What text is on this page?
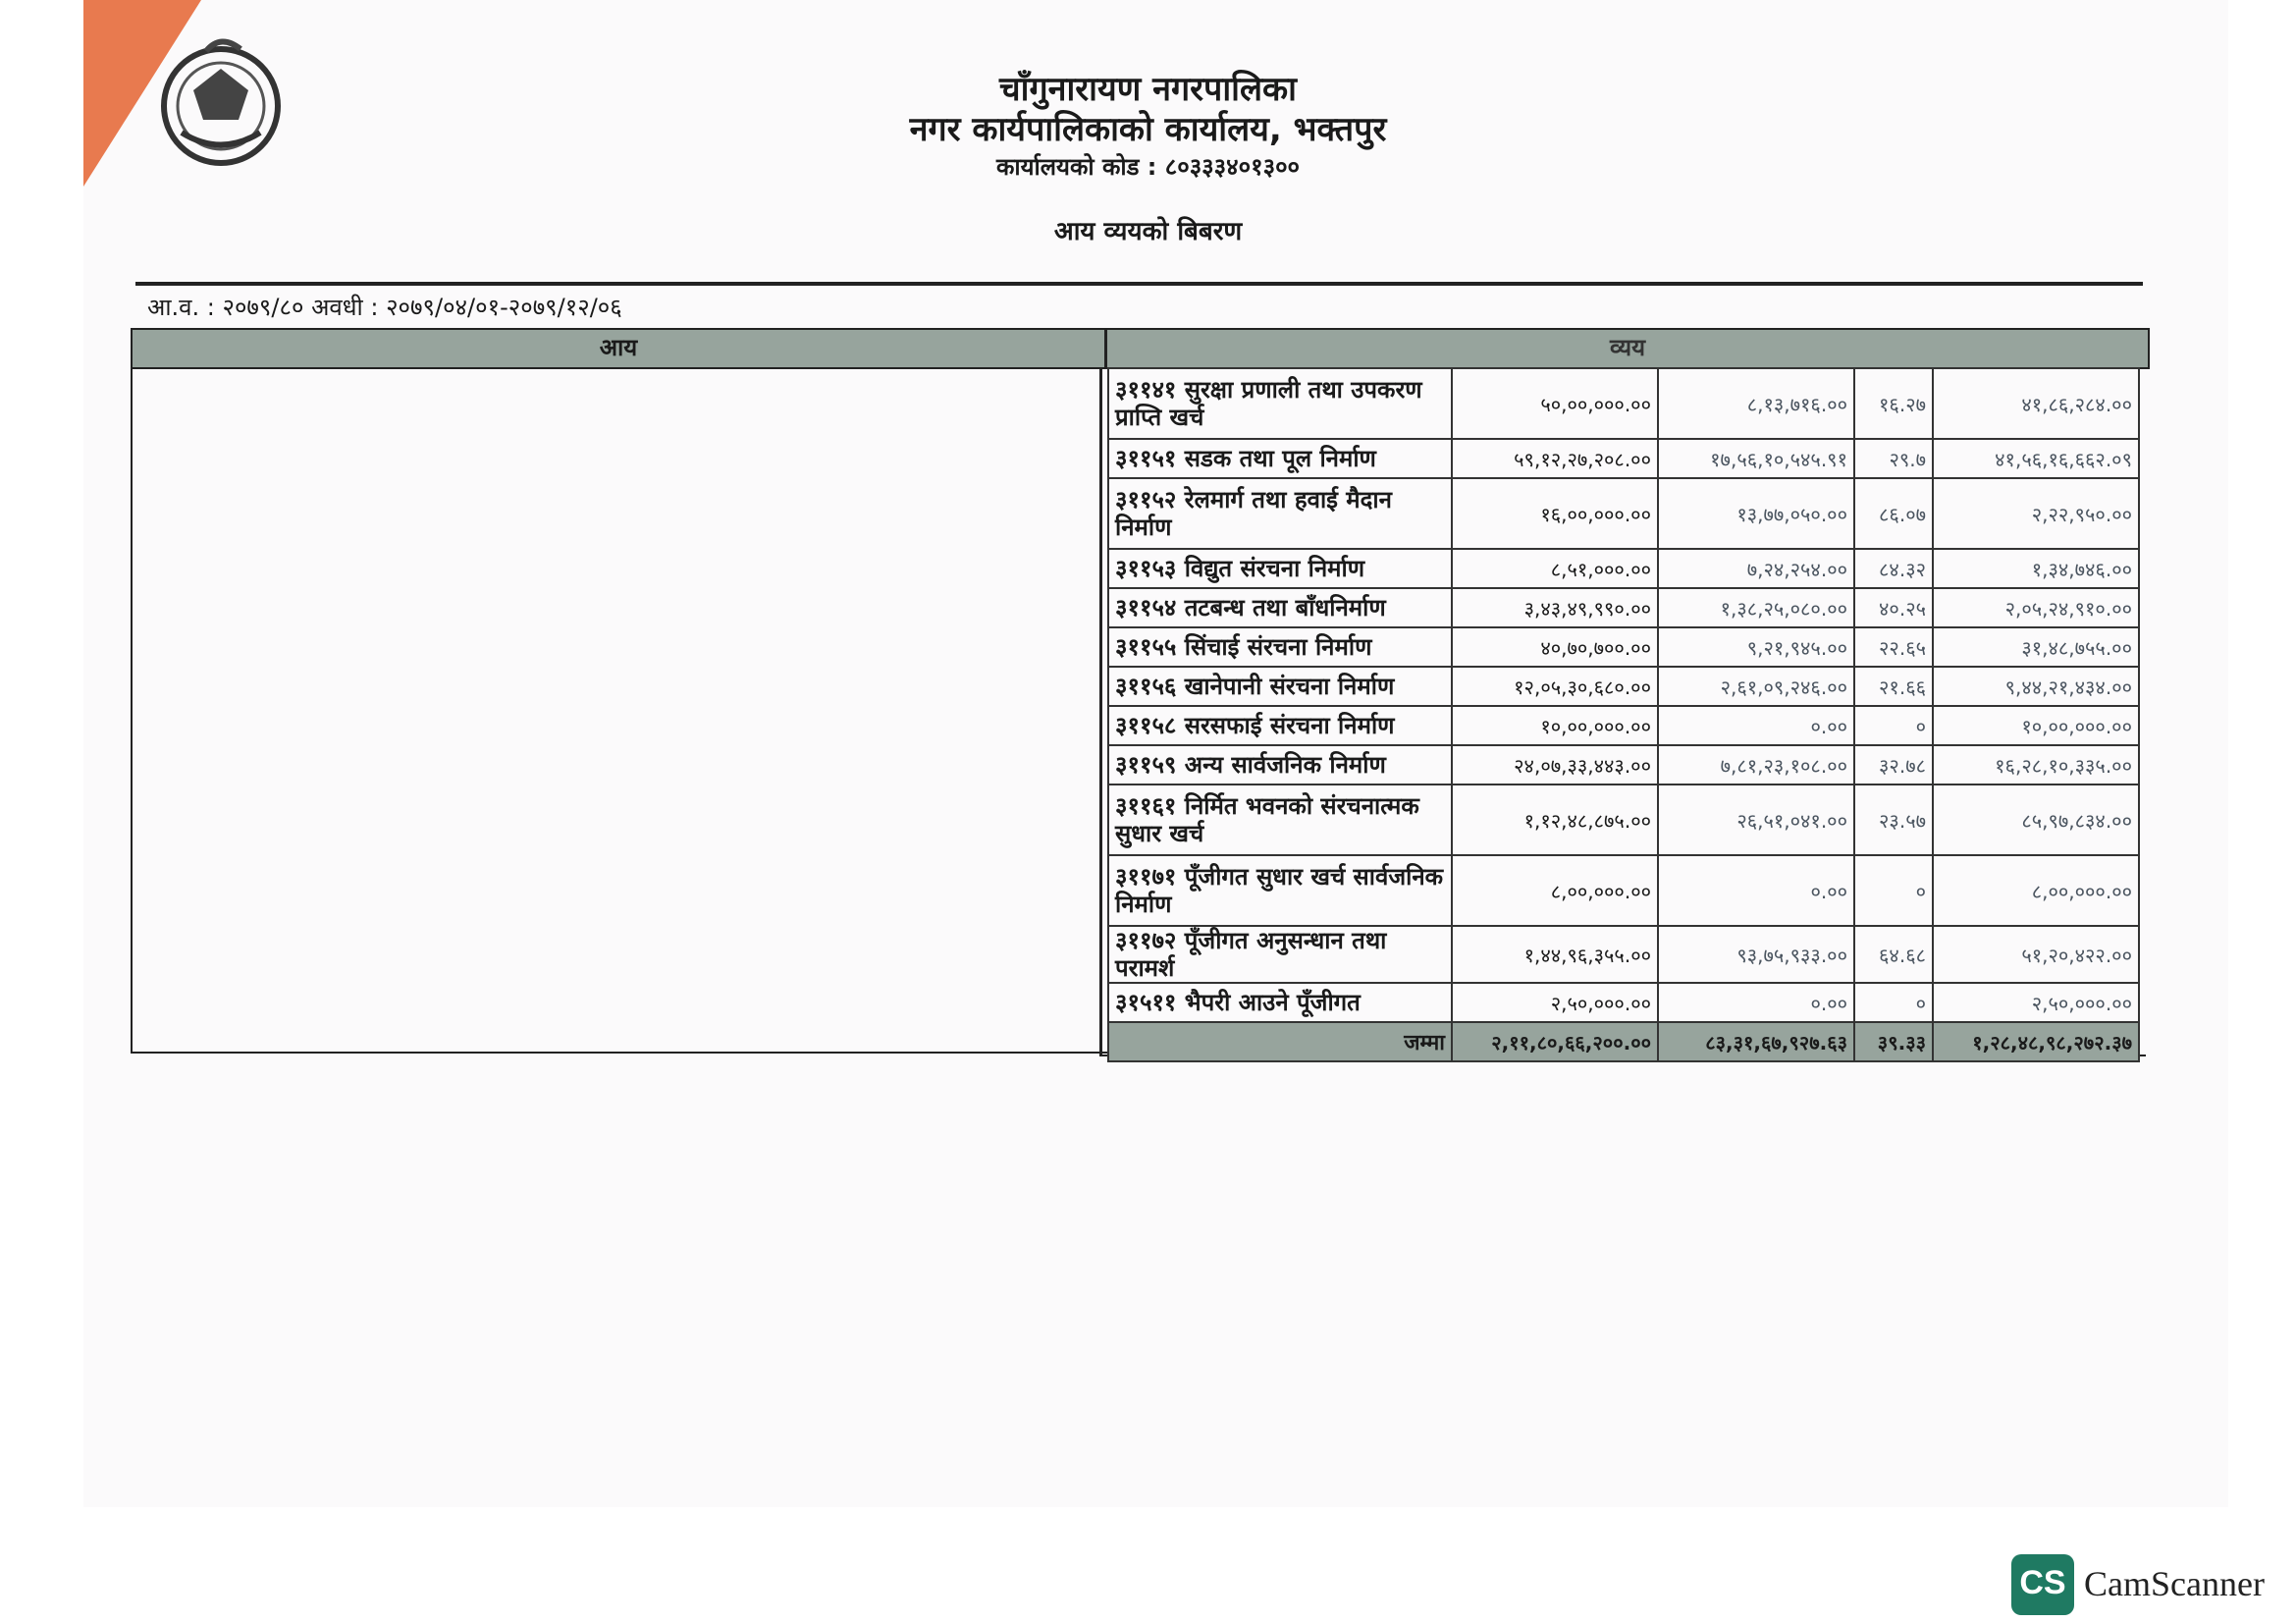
चाँगुनारायण नगरपालिका
नगर कार्यपालिकाको कार्यालय, भक्तपुर
कार्यालयको कोड : ८०३३३४०१३००
आय व्ययको बिबरण
आ.व. : २०७९/८० अवधी : २०७९/०४/०१-२०७९/१२/०६
आय	व्यय
३११४१ सुरक्षा प्रणाली तथा उपकरण प्राप्ति खर्च	५०,००,०००.००	८,१३,७१६.००	१६.२७	४१,८६,२८४.००
३११५१ सडक तथा पूल निर्माण	५९,१२,२७,२०८.००	१७,५६,१०,५४५.९१	२९.७	४१,५६,१६,६६२.०९
३११५२ रेलमार्ग तथा हवाई मैदान निर्माण	१६,००,०००.००	१३,७७,०५०.००	८६.०७	२,२२,९५०.००
३११५३ विद्युत संरचना निर्माण	८,५१,०००.००	७,२४,२५४.००	८४.३२	१,३४,७४६.००
३११५४ तटबन्ध तथा बाँधनिर्माण	३,४३,४९,९९०.००	१,३८,२५,०८०.००	४०.२५	२,०५,२४,९१०.००
३११५५ सिंचाई संरचना निर्माण	४०,७०,७००.००	९,२१,९४५.००	२२.६५	३१,४८,७५५.००
३११५६ खानेपानी संरचना निर्माण	१२,०५,३०,६८०.००	२,६१,०९,२४६.००	२१.६६	९,४४,२१,४३४.००
३११५८ सरसफाई संरचना निर्माण	१०,००,०००.००	०.००	०	१०,००,०००.००
३११५९ अन्य सार्वजनिक निर्माण	२४,०७,३३,४४३.००	७,८१,२३,१०८.००	३२.७८	१६,२८,१०,३३५.००
३११६१ निर्मित भवनको संरचनात्मक सुधार खर्च	१,१२,४८,८७५.००	२६,५१,०४१.००	२३.५७	८५,९७,८३४.००
३११७१ पूँजीगत सुधार खर्च सार्वजनिक निर्माण	८,००,०००.००	०.००	०	८,००,०००.००
३११७२ पूँजीगत अनुसन्धान तथा परामर्श	१,४४,९६,३५५.००	९३,७५,९३३.००	६४.६८	५१,२०,४२२.००
३१५११ भैपरी आउने पूँजीगत	२,५०,०००.००	०.००	०	२,५०,०००.००
जम्मा	२,११,८०,६६,२००.००	८३,३१,६७,९२७.६३	३९.३३	१,२८,४८,९८,२७२.३७
CS CamScanner
